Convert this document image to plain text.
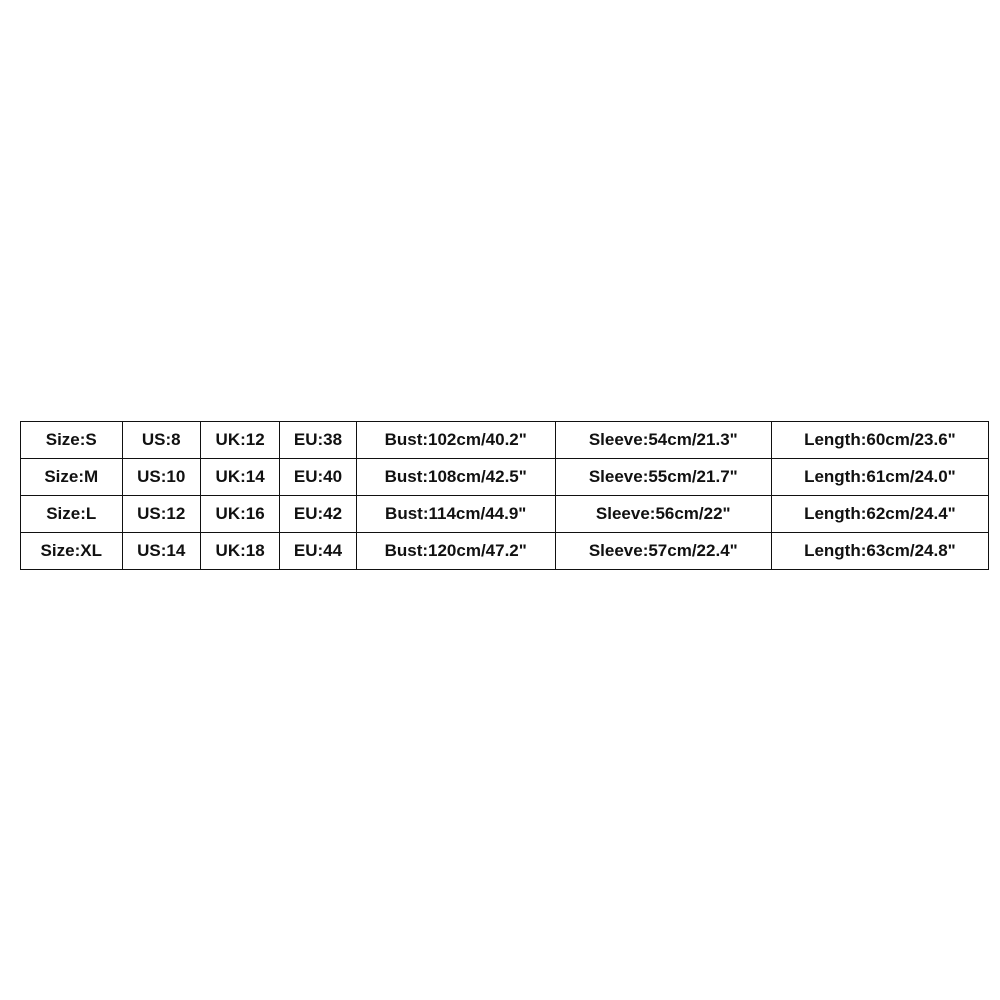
Size:S	US:8	UK:12	EU:38	Bust:102cm/40.2"	Sleeve:54cm/21.3"	Length:60cm/23.6"
Size:M	US:10	UK:14	EU:40	Bust:108cm/42.5"	Sleeve:55cm/21.7"	Length:61cm/24.0"
Size:L	US:12	UK:16	EU:42	Bust:114cm/44.9"	Sleeve:56cm/22"	Length:62cm/24.4"
Size:XL	US:14	UK:18	EU:44	Bust:120cm/47.2"	Sleeve:57cm/22.4"	Length:63cm/24.8"
